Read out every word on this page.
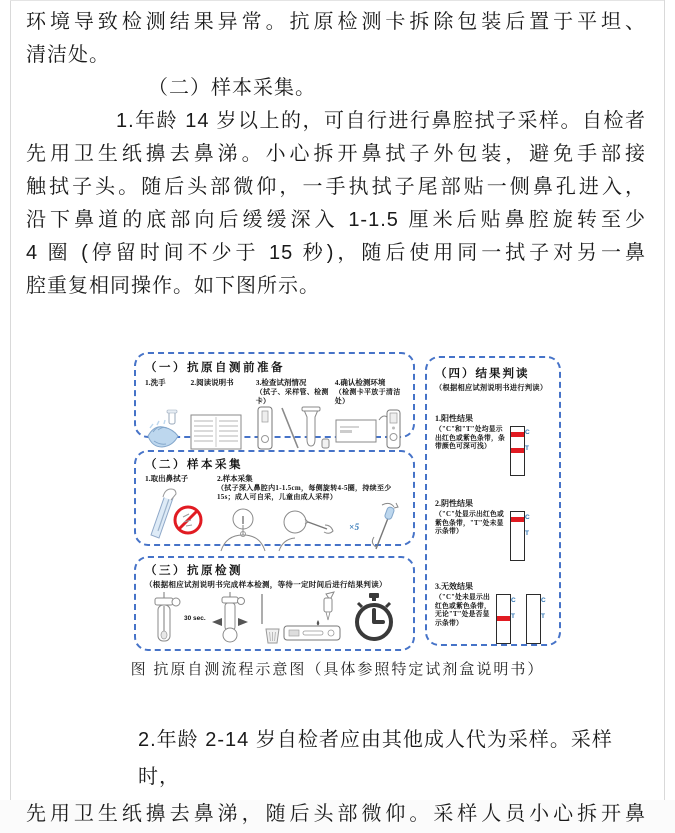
环境导致检测结果异常。抗原检测卡拆除包装后置于平坦、
清洁处。
（二）样本采集。
1.年龄 14 岁以上的，可自行进行鼻腔拭子采样。自检者
先用卫生纸擤去鼻涕。小心拆开鼻拭子外包装，避免手部接
触拭子头。随后头部微仰，一手执拭子尾部贴一侧鼻孔进入，
沿下鼻道的底部向后缓缓深入 1-1.5 厘米后贴鼻腔旋转至少
4 圈 (停留时间不少于 15 秒)，随后使用同一拭子对另一鼻
腔重复相同操作。如下图所示。
（一）抗原自测前准备
1.洗手	2.阅读说明书	3.检查试剂情况
（拭子、采样管、检测卡）
4.确认检测环境
（检测卡平放于清洁处）
（二）样本采集
1.取出鼻拭子	2.样本采集
（拭子深入鼻腔内1-1.5cm，每侧旋转4-5圈，持续至少15s；成人可自采，儿童由成人采样）
×5
（三）抗原检测
（根据相应试剂说明书完成样本检测，等待一定时间后进行结果判读）
30 sec.
（四）结果判读
（根据相应试剂说明书进行判读）
1.阳性结果
（"C"和"T"处均显示出红色或紫色条带，条带颜色可深可浅）
C
T
2.阴性结果
（"C"处显示出红色或紫色条带，"T"处未显示条带）
C
T
3.无效结果
（"C"处未显示出红色或紫色条带，无论"T"处是否显示条带）
C
T
C
T
图 抗原自测流程示意图（具体参照特定试剂盒说明书）
2.年龄 2-14 岁自检者应由其他成人代为采样。采样时，
先用卫生纸擤去鼻涕，随后头部微仰。采样人员小心拆开鼻
